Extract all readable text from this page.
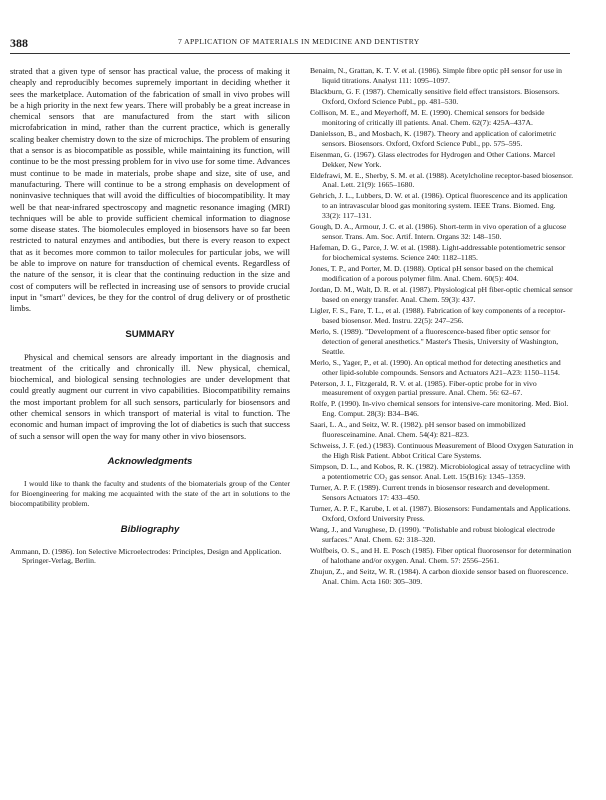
388	7 APPLICATION OF MATERIALS IN MEDICINE AND DENTISTRY

strated that a given type of sensor has practical value, the process of making it cheaply and reproducibly becomes supremely important in deciding whether it sees the marketplace. Automation of the fabrication of small in vivo probes will be a high priority in the next few years. There will probably be a great increase in chemical sensors that are manufactured from the start with silicon microfabrication in mind, rather than the current practice, which is generally scaling beaker chemistry down to the size of microchips. The problem of ensuring that a sensor is as biocompatible as possible, while maintaining its function, will continue to be the most pressing problem for in vivo use for some time. Advances must continue to be made in materials, probe shape and size, site of use, and manufacturing. There will continue to be a strong emphasis on development of noninvasive techniques that will avoid the difficulties of biocompatibility. It may well be that near-infrared spectroscopy and magnetic resonance imaging (MRI) techniques will be able to provide sufficient chemical information to diagnose some disease states. The biomolecules employed in biosensors have so far been restricted to natural enzymes and antibodies, but there is every reason to expect that as it becomes more common to tailor molecules for particular jobs, we will be able to improve on nature for transduction of chemical events. Regardless of the nature of the sensor, it is clear that the continuing reduction in the size and cost of computers will be reflected in increasing use of sensors to provide crucial input in "smart" devices, be they for the control of drug delivery or of prosthetic limbs.

SUMMARY

Physical and chemical sensors are already important in the diagnosis and treatment of the critically and chronically ill. New physical, chemical, biochemical, and biological sensing technologies are under development that could greatly augment our current in vivo capabilities. Biocompatibility remains the most important problem for all such sensors, particularly for biosensors and other chemical sensors in which transport of material is vital to function. The economic and human impact of improving the lot of diabetics is such that success of such a sensor will open the way for many other in vivo biosensors.

Acknowledgments

I would like to thank the faculty and students of the biomaterials group of the Center for Bioengineering for making me acquainted with the state of the art in solutions to the biocompatibility problem.

Bibliography

Ammann, D. (1986). Ion Selective Microelectrodes: Principles, Design and Application. Springer-Verlag, Berlin.

Benaim, N., Grattan, K. T. V. et al. (1986). Simple fibre optic pH sensor for use in liquid titrations. Analyst 111: 1095–1097.

Blackburn, G. F. (1987). Chemically sensitive field effect transistors. Biosensors. Oxford, Oxford Science Publ., pp. 481–530.

Collison, M. E., and Meyerhoff, M. E. (1990). Chemical sensors for bedside monitoring of critically ill patients. Anal. Chem. 62(7): 425A–437A.

Danielsson, B., and Mosbach, K. (1987). Theory and application of calorimetric sensors. Biosensors. Oxford, Oxford Science Publ., pp. 575–595.

Eisenman, G. (1967). Glass electrodes for Hydrogen and Other Cations. Marcel Dekker, New York.

Eldefrawi, M. E., Sherby, S. M. et al. (1988). Acetylcholine receptor-based biosensor. Anal. Lett. 21(9): 1665–1680.

Gehrich, J. L., Lubbers, D. W. et al. (1986). Optical fluorescence and its application to an intravascular blood gas monitoring system. IEEE Trans. Biomed. Eng. 33(2): 117–131.

Gough, D. A., Armour, J. C. et al. (1986). Short-term in vivo operation of a glucose sensor. Trans. Am. Soc. Artif. Intern. Organs 32: 148–150.

Hafeman, D. G., Parce, J. W. et al. (1988). Light-addressable potentiometric sensor for biochemical systems. Science 240: 1182–1185.

Jones, T. P., and Porter, M. D. (1988). Optical pH sensor based on the chemical modification of a porous polymer film. Anal. Chem. 60(5): 404.

Jordan, D. M., Walt, D. R. et al. (1987). Physiological pH fiber-optic chemical sensor based on energy transfer. Anal. Chem. 59(3): 437.

Ligler, F. S., Fare, T. L., et al. (1988). Fabrication of key components of a receptor-based biosensor. Med. Instru. 22(5): 247–256.

Merlo, S. (1989). "Development of a fluorescence-based fiber optic sensor for detection of general anesthetics." Master's Thesis, University of Washington, Seattle.

Merlo, S., Yager, P., et al. (1990). An optical method for detecting anesthetics and other lipid-soluble compounds. Sensors and Actuators A21–A23: 1150–1154.

Peterson, J. I., Fitzgerald, R. V. et al. (1985). Fiber-optic probe for in vivo measurement of oxygen partial pressure. Anal. Chem. 56: 62–67.

Rolfe, P. (1990). In-vivo chemical sensors for intensive-care monitoring. Med. Biol. Eng. Comput. 28(3): B34–B46.

Saari, L. A., and Seitz, W. R. (1982). pH sensor based on immobilized fluoresceinamine. Anal. Chem. 54(4): 821–823.

Schweiss, J. F. (ed.) (1983). Continuous Measurement of Blood Oxygen Saturation in the High Risk Patient. Abbot Critical Care Systems.

Simpson, D. L., and Kobos, R. K. (1982). Microbiological assay of tetracycline with a potentiometric CO₂ gas sensor. Anal. Lett. 15(B16): 1345–1359.

Turner, A. P. F. (1989). Current trends in biosensor research and development. Sensors Actuators 17: 433–450.

Turner, A. P. F., Karube, I. et al. (1987). Biosensors: Fundamentals and Applications. Oxford, Oxford University Press.

Wang, J., and Varughese, D. (1990). "Polishable and robust biological electrode surfaces." Anal. Chem. 62: 318–320.

Wolfbeis, O. S., and H. E. Posch (1985). Fiber optical fluorosensor for determination of halothane and/or oxygen. Anal. Chem. 57: 2556–2561.

Zhujun, Z., and Seitz, W. R. (1984). A carbon dioxide sensor based on fluorescence. Anal. Chim. Acta 160: 305–309.
